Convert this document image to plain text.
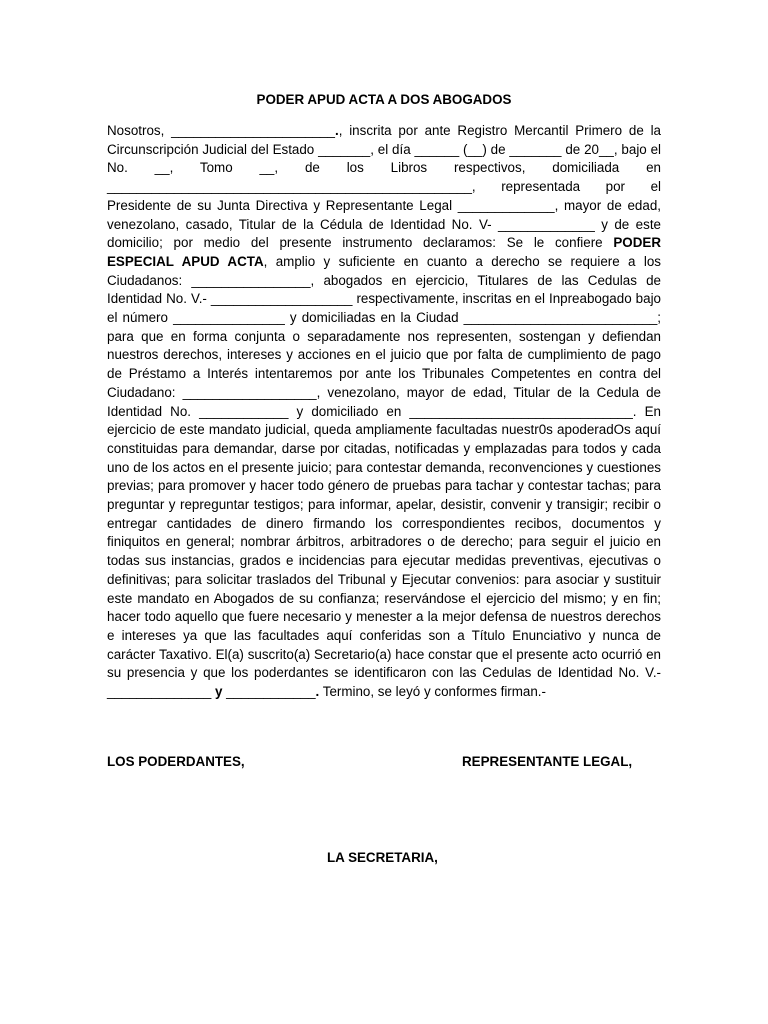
PODER APUD ACTA A DOS ABOGADOS
Nosotros, ______________________., inscrita por ante Registro Mercantil Primero de la Circunscripción Judicial del Estado _______, el día ______ (__) de _______ de 20__, bajo el No. __, Tomo __, de los Libros respectivos, domiciliada en _________________________________________________, representada por el Presidente de su Junta Directiva y Representante Legal _____________, mayor de edad, venezolano, casado, Titular de la Cédula de Identidad No. V- _____________ y de este domicilio; por medio del presente instrumento declaramos: Se le confiere PODER ESPECIAL APUD ACTA, amplio y suficiente en cuanto a derecho se requiere a los Ciudadanos: ________________, abogados en ejercicio, Titulares de las Cedulas de Identidad No. V.- ___________________ respectivamente, inscritas en el Inpreabogado bajo el número _______________ y domiciliadas en la Ciudad __________________________; para que en forma conjunta o separadamente nos representen, sostengan y defiendan nuestros derechos, intereses y acciones en el juicio que por falta de cumplimiento de pago de Préstamo a Interés intentaremos por ante los Tribunales Competentes en contra del Ciudadano: __________________, venezolano, mayor de edad, Titular de la Cedula de Identidad No. ____________ y domiciliado en ______________________________. En ejercicio de este mandato judicial, queda ampliamente facultadas nuestr0s apoderadOs aquí constituidas para demandar, darse por citadas, notificadas y emplazadas para todos y cada uno de los actos en el presente juicio; para contestar demanda, reconvenciones y cuestiones previas; para promover y hacer todo género de pruebas para tachar y contestar tachas; para preguntar y repreguntar testigos; para informar, apelar, desistir, convenir y transigir; recibir o entregar cantidades de dinero firmando los correspondientes recibos, documentos y finiquitos en general; nombrar árbitros, arbitradores o de derecho; para seguir el juicio en todas sus instancias, grados e incidencias para ejecutar medidas preventivas, ejecutivas o definitivas; para solicitar traslados del Tribunal y Ejecutar convenios: para asociar y sustituir este mandato en Abogados de su confianza; reservándose el ejercicio del mismo; y en fin; hacer todo aquello que fuere necesario y menester a la mejor defensa de nuestros derechos e intereses ya que las facultades aquí conferidas son a Título Enunciativo y nunca de carácter Taxativo. El(a) suscrito(a) Secretario(a) hace constar que el presente acto ocurrió en su presencia y que los poderdantes se identificaron con las Cedulas de Identidad No. V.- ______________ y ____________. Termino, se leyó y conformes firman.-
LOS PODERDANTES,	REPRESENTANTE LEGAL,
LA SECRETARIA,
